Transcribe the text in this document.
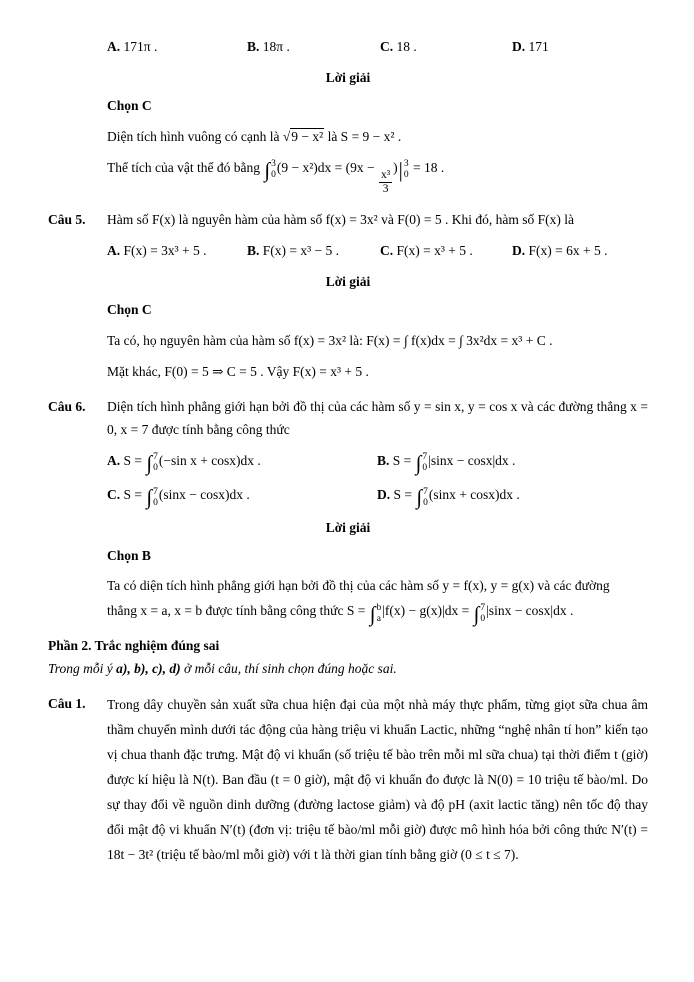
A. 171π .	B. 18π .	C. 18 .	D. 171
Lời giải
Chọn C

Diện tích hình vuông có cạnh là √9 − x² là S = 9 − x² .

Thể tích của vật thể đó bằng ∫ 3
0
(9 − x²)dx = (9x −
$\frac{\text{x³}}{3}$
) | 3
0
= 18 .

Câu 5.	Hàm số F(x) là nguyên hàm của hàm số f(x) = 3x² và F(0) = 5 . Khi đó, hàm số F(x) là
A. F(x) = 3x³ + 5 .	B. F(x) = x³ − 5 .	C. F(x) = x³ + 5 .	D. F(x) = 6x + 5 .
Lời giải
Chọn C

Ta có, họ nguyên hàm của hàm số f(x) = 3x² là: F(x) = ∫ f(x)dx = ∫ 3x²dx = x³ + C .

Mặt khác, F(0) = 5 ⇒ C = 5 . Vậy F(x) = x³ + 5 .

Câu 6.	Diện tích hình phẳng giới hạn bởi đồ thị của các hàm số y = sin x, y = cos x và các đường thẳng x = 0, x = 7 được tính bằng công thức
A. S = ∫ 7
0
(−sin x + cosx)dx .	B. S = ∫ 7
0
|sinx − cosx|dx .
C. S = ∫ 7
0
(sinx − cosx)dx .	D. S = ∫ 7
0
(sinx + cosx)dx .
Lời giải
Chọn B

Ta có diện tích hình phẳng giới hạn bởi đồ thị của các hàm số y = f(x), y = g(x) và các đường

thẳng x = a, x = b được tính bằng công thức S = ∫ b
a
|f(x) − g(x)|dx = ∫ 7
0
|sinx − cosx|dx .

Phần 2. Trắc nghiệm đúng sai
Trong mỗi ý a), b), c), d) ở mỗi câu, thí sinh chọn đúng hoặc sai.
Câu 1.	Trong dây chuyền sản xuất sữa chua hiện đại của một nhà máy thực phẩm, từng giọt sữa chua âm thầm chuyển mình dưới tác động của hàng triệu vi khuẩn Lactic, những “nghệ nhân tí hon” kiến tạo vị chua thanh đặc trưng. Mật độ vi khuẩn (số triệu tế bào trên mỗi ml sữa chua) tại thời điểm t (giờ) được kí hiệu là N(t). Ban đầu (t = 0 giờ), mật độ vi khuẩn đo được là N(0) = 10 triệu tế bào/ml. Do sự thay đổi về nguồn dinh dưỡng (đường lactose giảm) và độ pH (axit lactic tăng) nên tốc độ thay đổi mật độ vi khuẩn N′(t) (đơn vị: triệu tế bào/ml mỗi giờ) được mô hình hóa bởi công thức N′(t) = 18t − 3t² (triệu tế bào/ml mỗi giờ) với t là thời gian tính bằng giờ (0 ≤ t ≤ 7).
